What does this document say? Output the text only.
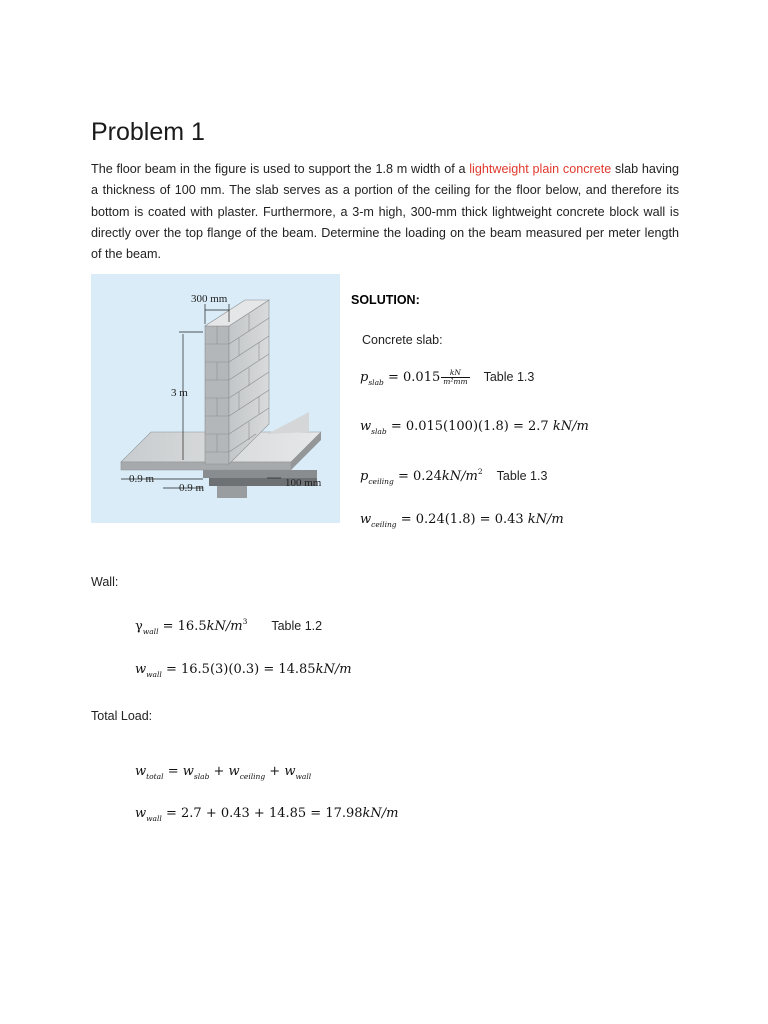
Problem 1
The floor beam in the figure is used to support the 1.8 m width of a lightweight plain concrete slab having a thickness of 100 mm. The slab serves as a portion of the ceiling for the floor below, and therefore its bottom is coated with plaster. Furthermore, a 3-m high, 300-mm thick lightweight concrete block wall is directly over the top flange of the beam. Determine the loading on the beam measured per meter length of the beam.
300 mm
3 m
0.9 m
0.9 m	100 mm
SOLUTION:
Concrete slab:
$p_{slab} = 0.015 \frac{kN}{\text{m²mm}}$ Table 1.3
$w_{slab} = 0.015(100)(1.8) = 2.7$ kN/m
$p_{ceiling} = 0.24kN/m^2$ Table 1.3
$w_{ceiling} = 0.24(1.8) = 0.43$ kN/m
Wall:
$\gamma_{wall} = 16.5kN/m^3$ Table 1.2
$w_{wall} = 16.5(3)(0.3) = 14.85kN/m$
Total Load:
$w_{total} = w_{slab} + w_{ceiling} + w_{wall}$
$w_{wall} = 2.7 + 0.43 + 14.85 = 17.98kN/m$
